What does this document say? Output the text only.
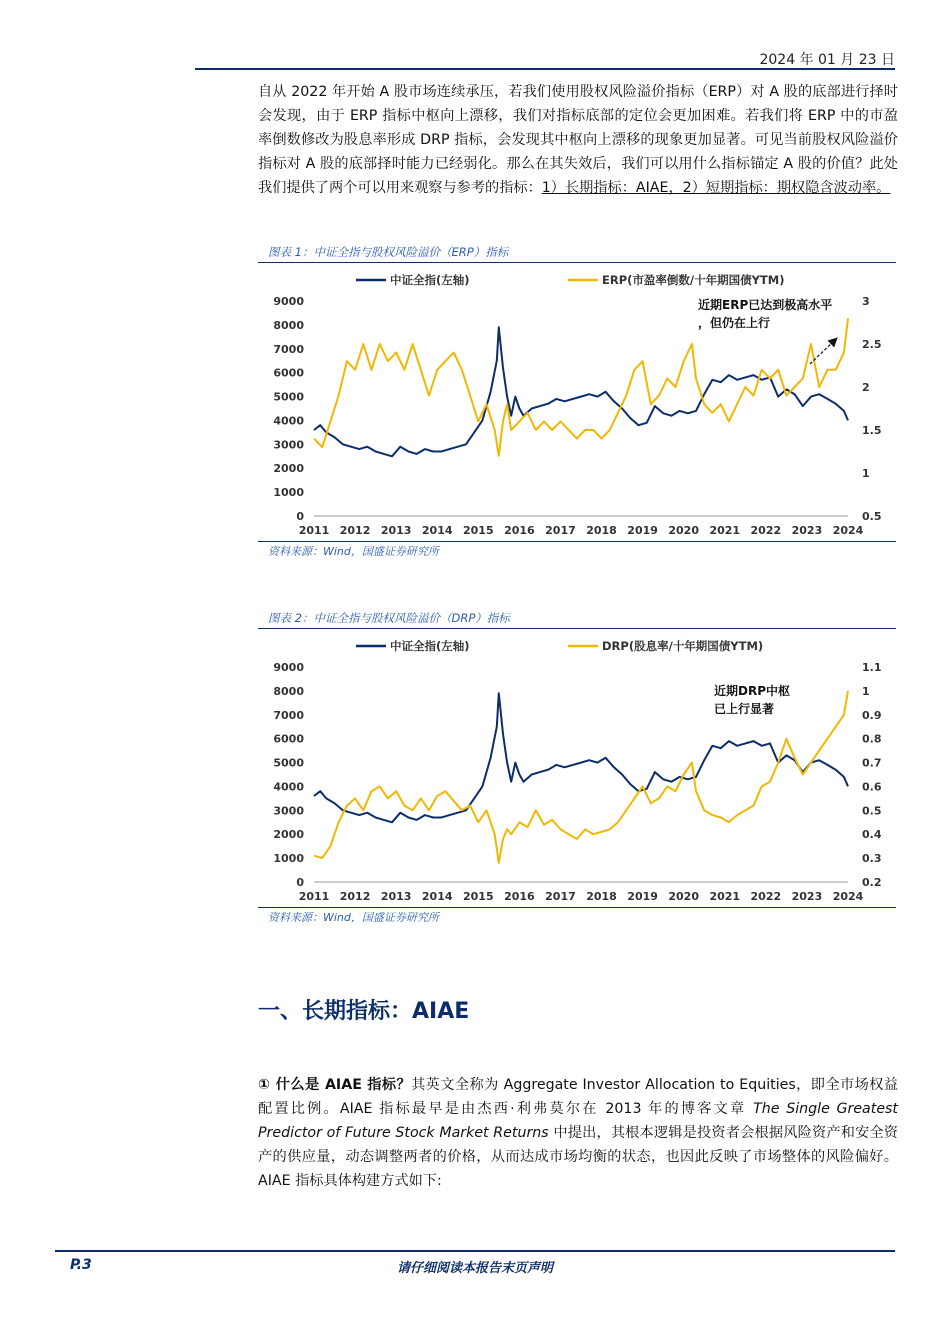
2024 年 01 月 23 日
自从 2022 年开始 A 股市场连续承压，若我们使用股权风险溢价指标（ERP）对 A 股的底部进行择时会发现，由于 ERP 指标中枢向上漂移，我们对指标底部的定位会更加困难。若我们将 ERP 中的市盈率倒数修改为股息率形成 DRP 指标，会发现其中枢向上漂移的现象更加显著。可见当前股权风险溢价指标对 A 股的底部择时能力已经弱化。那么在其失效后，我们可以用什么指标锚定 A 股的价值？此处我们提供了两个可以用来观察与参考的指标：1）长期指标：AIAE，2）短期指标：期权隐含波动率。
图表 1：中证全指与股权风险溢价（ERP）指标
中证全指(左轴)	ERP(市盈率倒数/十年期国债YTM)
0
1000
2000
3000
4000
5000
6000
7000
8000
9000
0.5
1
1.5
2
2.5
3
2011 2012 2013 2014 2015 2016 2017 2018 2019 2020 2021 2022 2023 2024
近期ERP已达到极高水平，但仍在上行
资料来源：Wind，国盛证券研究所
图表 2：中证全指与股权风险溢价（DRP）指标
中证全指(左轴)	DRP(股息率/十年期国债YTM)
0
1000
2000
3000
4000
5000
6000
7000
8000
9000
0.2
0.3
0.4
0.5
0.6
0.7
0.8
0.9
1
1.1
2011 2012 2013 2014 2015 2016 2017 2018 2019 2020 2021 2022 2023 2024
近期DRP中枢已上行显著
资料来源：Wind，国盛证券研究所
一、长期指标：AIAE
① 什么是 AIAE 指标？其英文全称为 Aggregate Investor Allocation to Equities，即全市场权益配置比例。AIAE 指标最早是由杰西·利弗莫尔在 2013 年的博客文章 The Single Greatest Predictor of Future Stock Market Returns 中提出，其根本逻辑是投资者会根据风险资产和安全资产的供应量，动态调整两者的价格，从而达成市场均衡的状态，也因此反映了市场整体的风险偏好。AIAE 指标具体构建方式如下:
P.3	请仔细阅读本报告末页声明
